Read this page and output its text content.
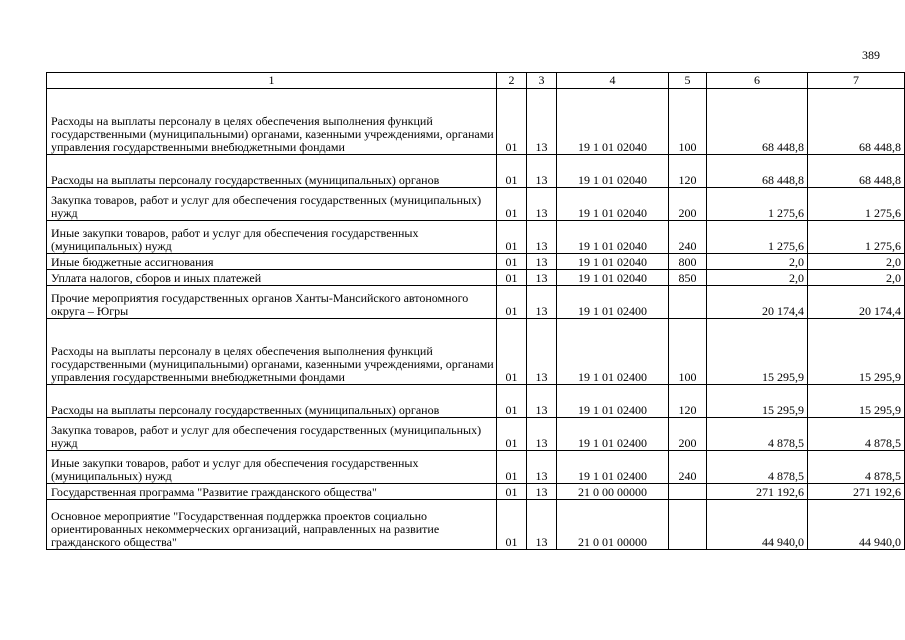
389
1	2	3	4	5	6	7
Расходы на выплаты персоналу в целях обеспечения выполнения функций государственными (муниципальными) органами, казенными учреждениями, органами управления государственными внебюджетными фондами	01	13	19 1 01 02040	100	68 448,8	68 448,8
Расходы на выплаты персоналу государственных (муниципальных) органов	01	13	19 1 01 02040	120	68 448,8	68 448,8
Закупка товаров, работ и услуг для обеспечения государственных (муниципальных) нужд	01	13	19 1 01 02040	200	1 275,6	1 275,6
Иные закупки товаров, работ и услуг для обеспечения государственных (муниципальных) нужд	01	13	19 1 01 02040	240	1 275,6	1 275,6
Иные бюджетные ассигнования	01	13	19 1 01 02040	800	2,0	2,0
Уплата налогов, сборов и иных платежей	01	13	19 1 01 02040	850	2,0	2,0
Прочие мероприятия государственных органов Ханты-Мансийского автономного округа – Югры	01	13	19 1 01 02400		20 174,4	20 174,4
Расходы на выплаты персоналу в целях обеспечения выполнения функций государственными (муниципальными) органами, казенными учреждениями, органами управления государственными внебюджетными фондами	01	13	19 1 01 02400	100	15 295,9	15 295,9
Расходы на выплаты персоналу государственных (муниципальных) органов	01	13	19 1 01 02400	120	15 295,9	15 295,9
Закупка товаров, работ и услуг для обеспечения государственных (муниципальных) нужд	01	13	19 1 01 02400	200	4 878,5	4 878,5
Иные закупки товаров, работ и услуг для обеспечения государственных (муниципальных) нужд	01	13	19 1 01 02400	240	4 878,5	4 878,5
Государственная программа "Развитие гражданского общества"	01	13	21 0 00 00000		271 192,6	271 192,6
Основное мероприятие "Государственная поддержка проектов социально ориентированных некоммерческих организаций, направленных на развитие гражданского общества"	01	13	21 0 01 00000		44 940,0	44 940,0
